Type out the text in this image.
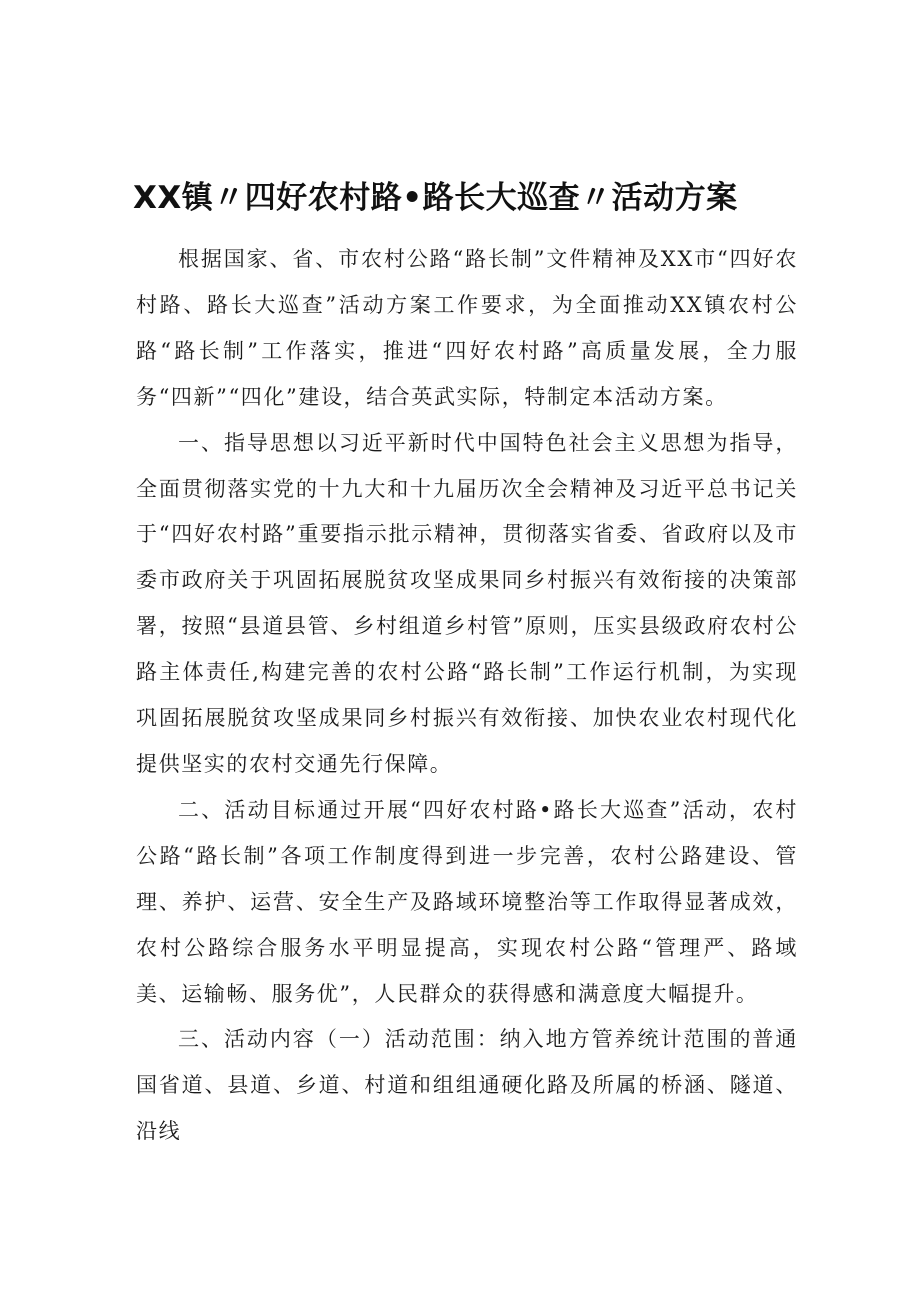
XX镇〃四好农村路•路长大巡查〃活动方案

根据国家、省、市农村公路“路长制”文件精神及XX市“四好农村路、路长大巡查”活动方案工作要求，为全面推动XX镇农村公路“路长制”工作落实，推进“四好农村路”高质量发展，全力服务“四新”“四化”建设，结合英武实际，特制定本活动方案。

一、指导思想以习近平新时代中国特色社会主义思想为指导，全面贯彻落实党的十九大和十九届历次全会精神及习近平总书记关于“四好农村路”重要指示批示精神，贯彻落实省委、省政府以及市委市政府关于巩固拓展脱贫攻坚成果同乡村振兴有效衔接的决策部署，按照“县道县管、乡村组道乡村管”原则，压实县级政府农村公路主体责任,构建完善的农村公路“路长制”工作运行机制，为实现巩固拓展脱贫攻坚成果同乡村振兴有效衔接、加快农业农村现代化提供坚实的农村交通先行保障。

二、活动目标通过开展“四好农村路•路长大巡查”活动，农村公路“路长制”各项工作制度得到进一步完善，农村公路建设、管理、养护、运营、安全生产及路域环境整治等工作取得显著成效，农村公路综合服务水平明显提高，实现农村公路“管理严、路域美、运输畅、服务优”，人民群众的获得感和满意度大幅提升。

三、活动内容（一）活动范围：纳入地方管养统计范围的普通国省道、县道、乡道、村道和组组通硬化路及所属的桥涵、隧道、沿线
